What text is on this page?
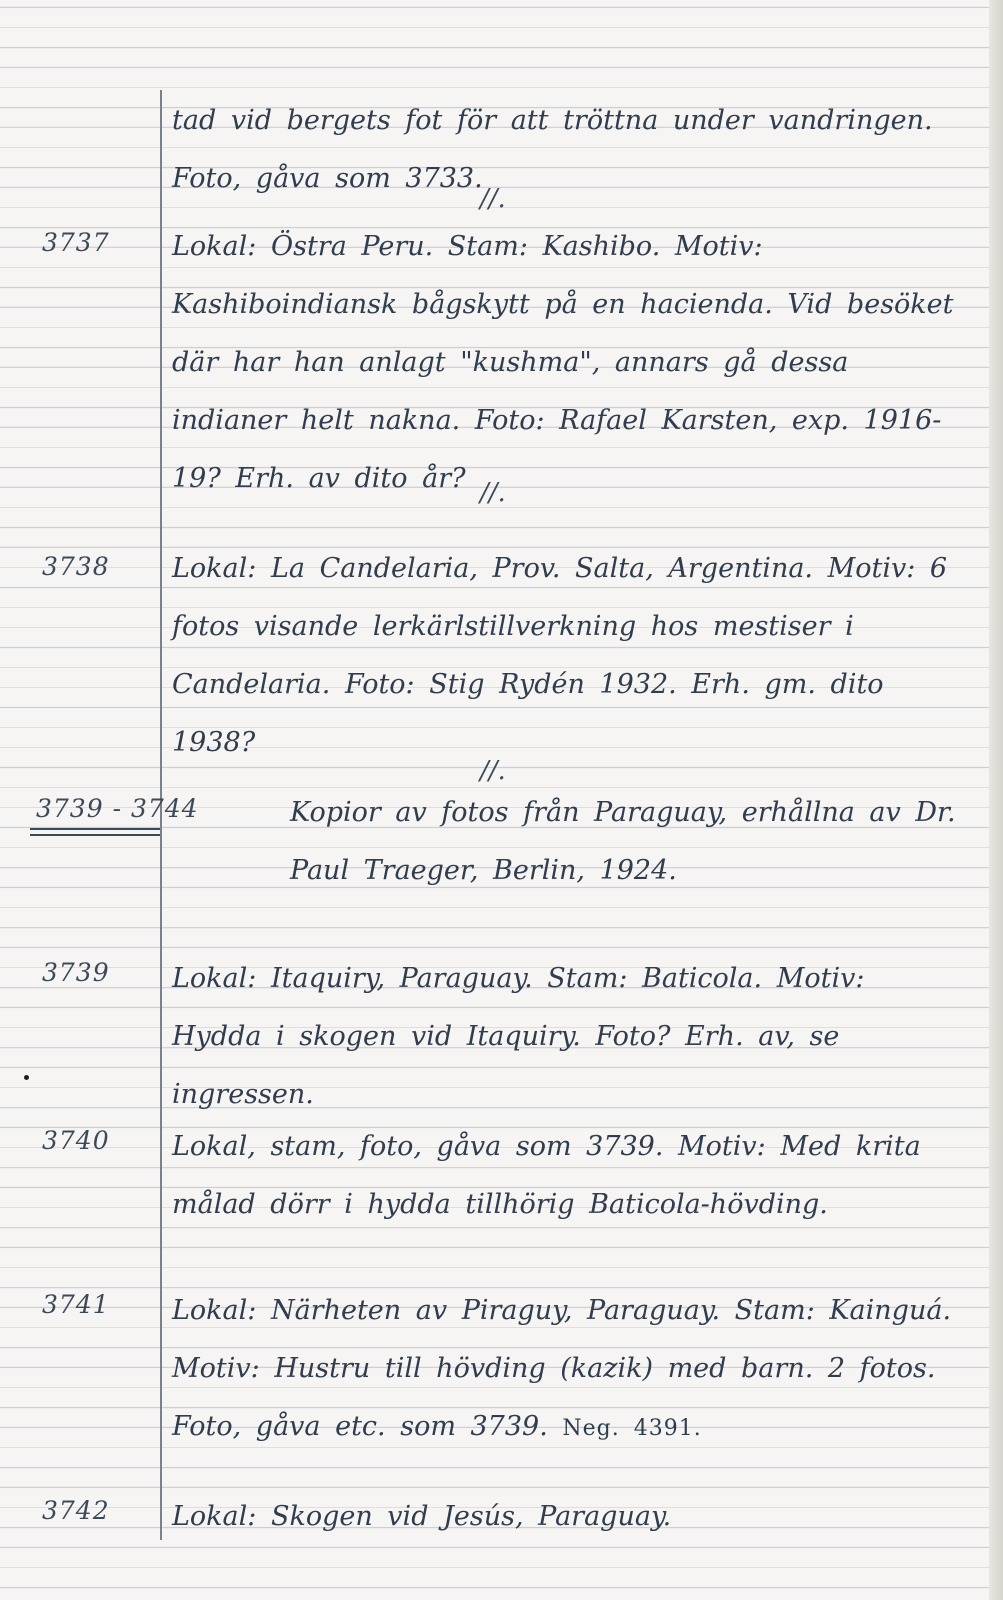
tad vid bergets fot för att tröttna under vandringen. Foto, gåva som 3733.
//.
3737	Lokal: Östra Peru. Stam: Kashibo. Motiv: Kashiboindiansk bågskytt på en hacienda. Vid besöket där har han anlagt "kushma", annars gå dessa indianer helt nakna. Foto: Rafael Karsten, exp. 1916-19? Erh. av dito år? //.
3738	Lokal: La Candelaria, Prov. Salta, Argentina. Motiv: 6 fotos visande lerkärlstillverkning hos mestiser i Candelaria. Foto: Stig Rydén 1932. Erh. gm. dito 1938?
//.
3739 - 3744	Kopior av fotos från Paraguay, erhållna av Dr. Paul Traeger, Berlin, 1924.
3739	Lokal: Itaquiry, Paraguay. Stam: Baticola. Motiv: Hydda i skogen vid Itaquiry. Foto? Erh. av, se ingressen.
3740	Lokal, stam, foto, gåva som 3739. Motiv: Med krita målad dörr i hydda tillhörig Baticola-hövding.
3741	Lokal: Närheten av Piraguy, Paraguay. Stam: Kainguá. Motiv: Hustru till hövding (kazik) med barn. 2 fotos. Foto, gåva etc. som 3739. Neg. 4391.
3742	Lokal: Skogen vid Jesús, Paraguay.
